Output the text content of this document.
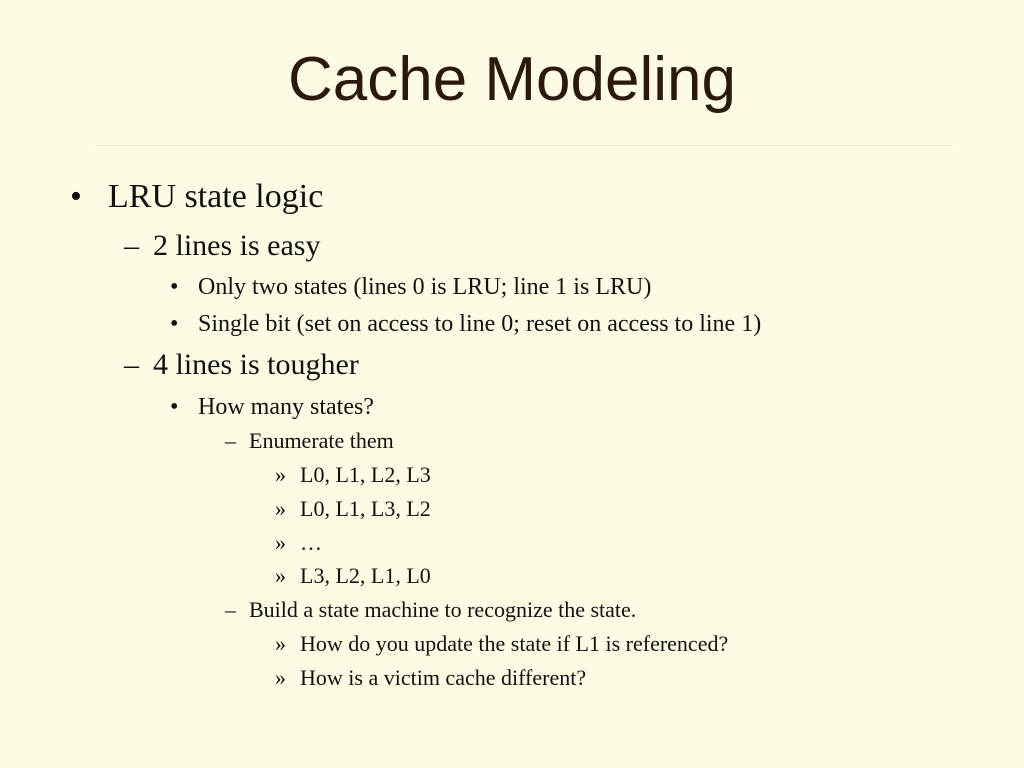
Cache Modeling
• LRU state logic
– 2 lines is easy
• Only two states (lines 0 is LRU; line 1 is LRU)
• Single bit (set on access to line 0; reset on access to line 1)
– 4 lines is tougher
• How many states?
– Enumerate them
» L0, L1, L2, L3
» L0, L1, L3, L2
» …
» L3, L2, L1, L0
– Build a state machine to recognize the state.
» How do you update the state if L1 is referenced?
» How is a victim cache different?
